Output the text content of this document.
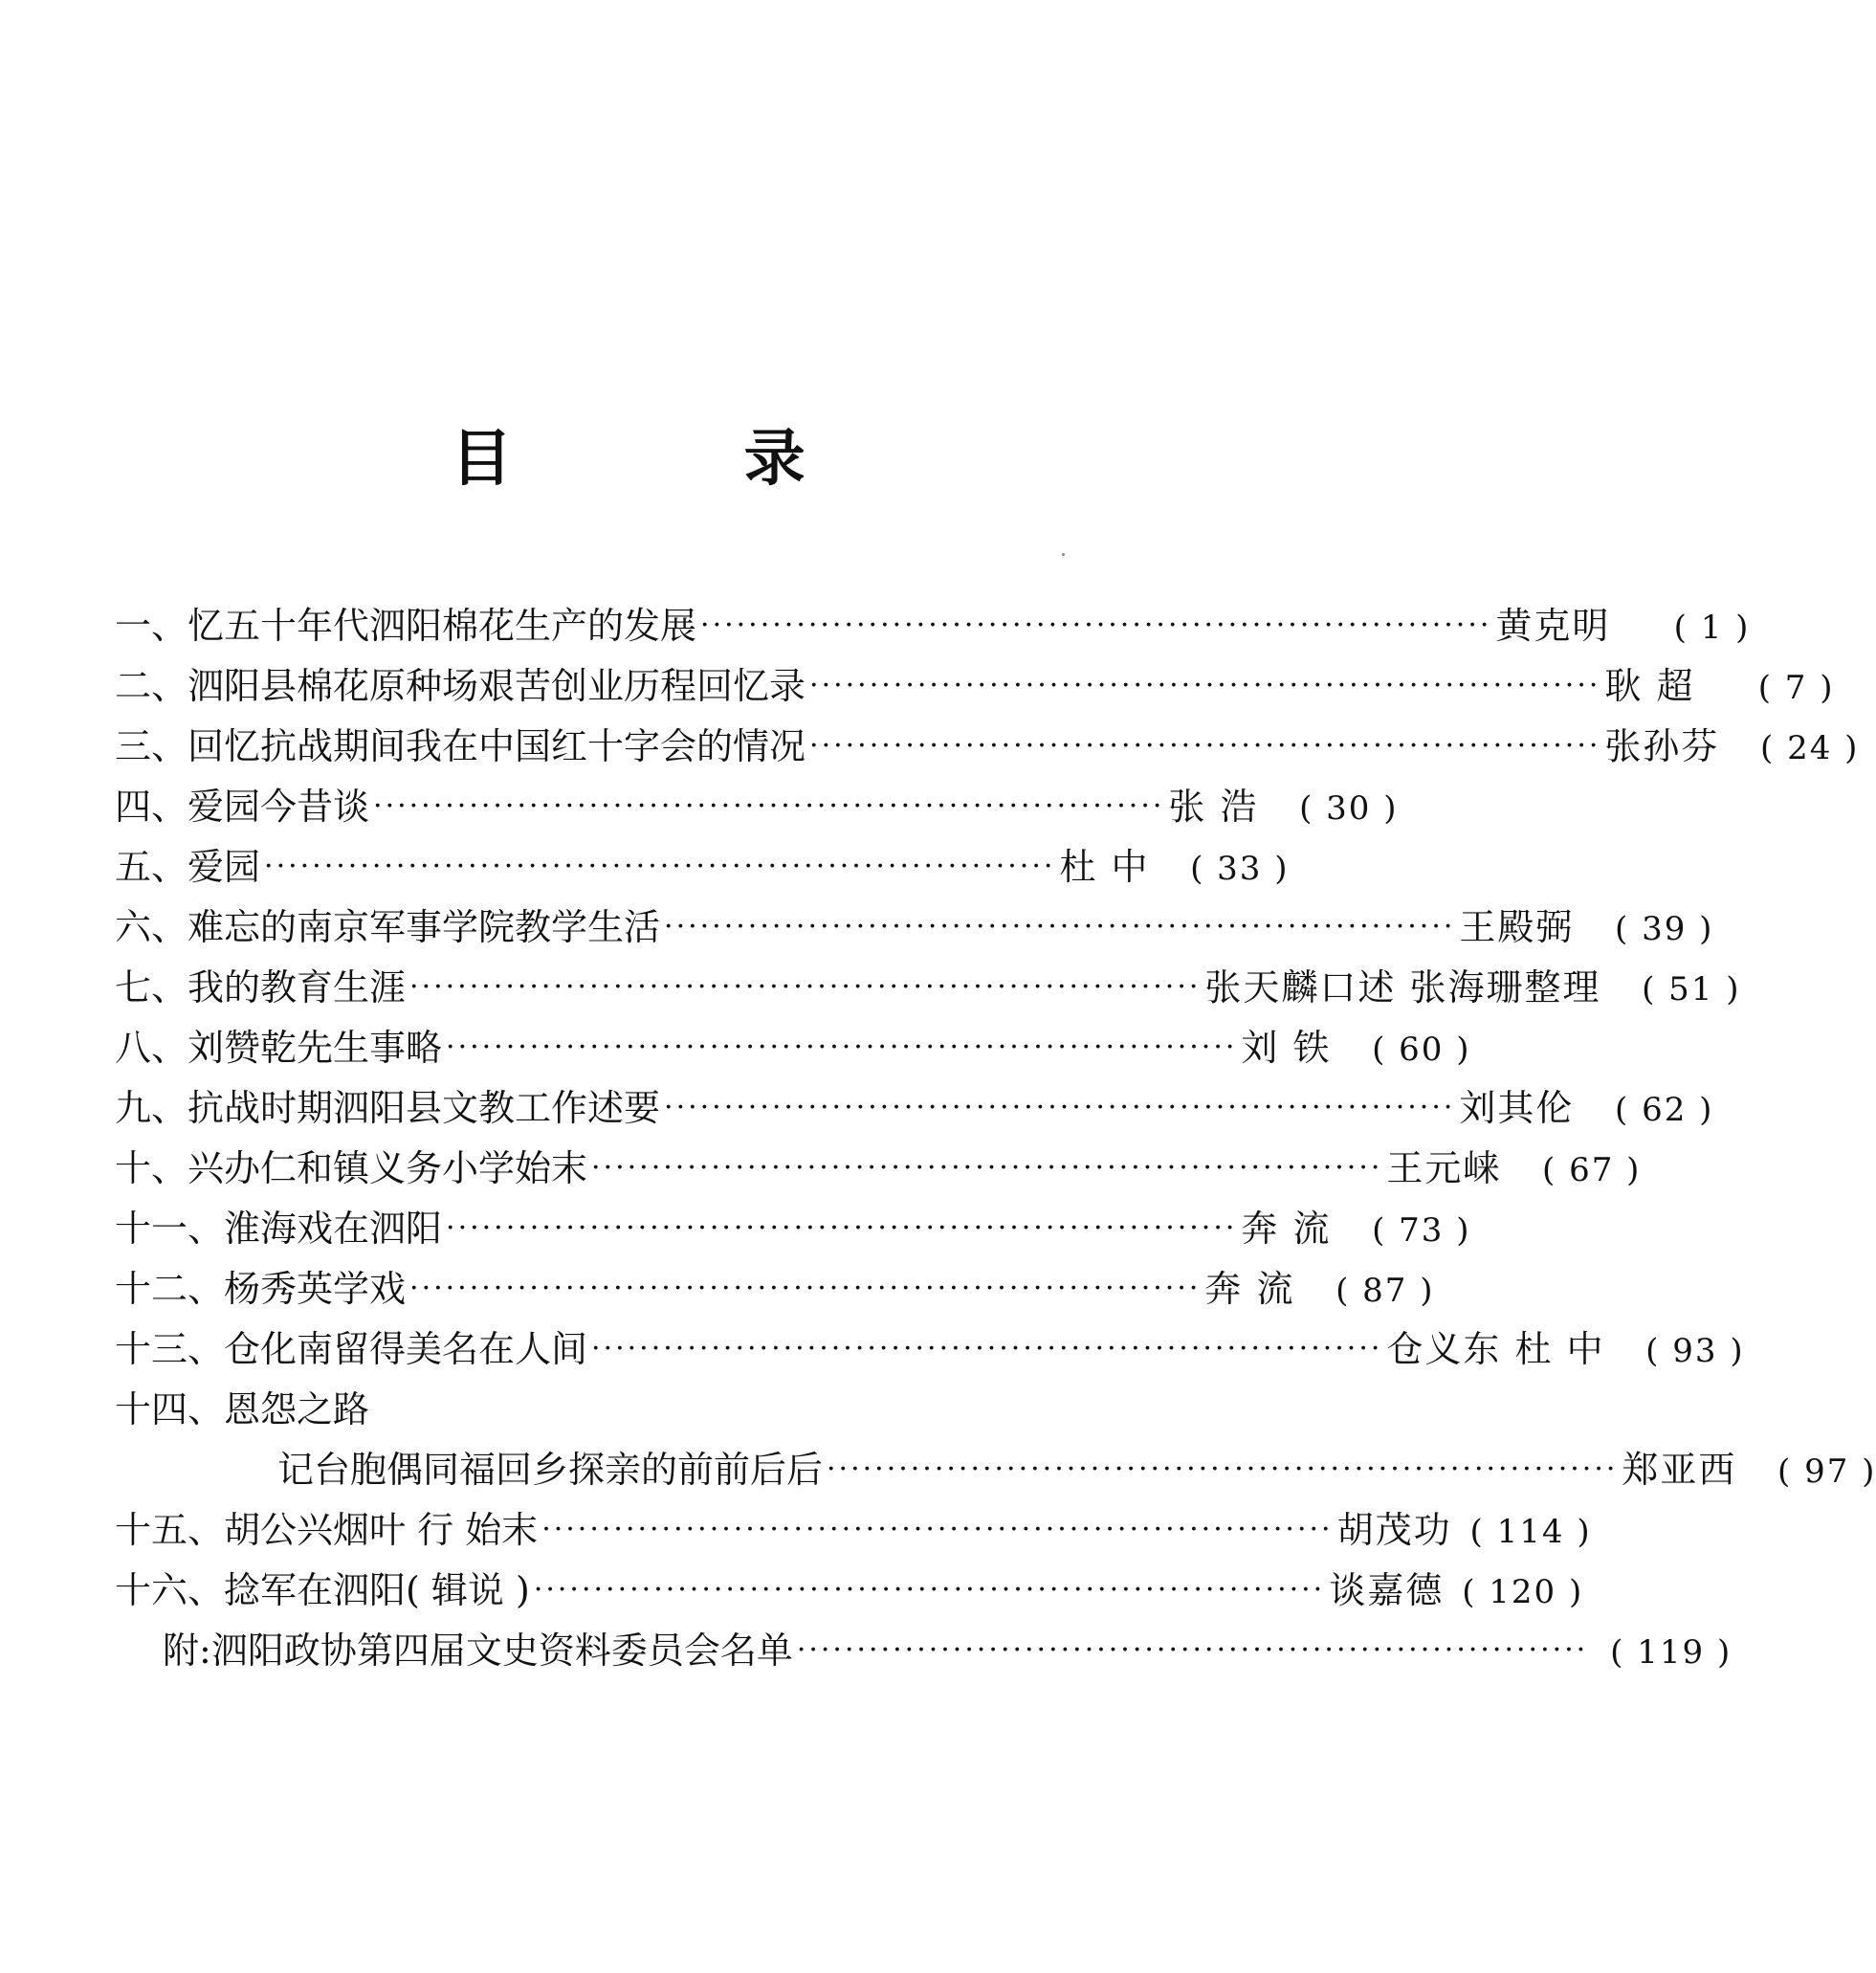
目 录
一、 忆五十年代泗阳棉花生产的发展 ·································································· 黄克明	( 1 )
二、 泗阳县棉花原种场艰苦创业历程回忆录 ·································································· 耿 超	( 7 )
三、 回忆抗战期间我在中国红十字会的情况 ·································································· 张孙芬	( 24 )
四、 爱园今昔谈 ·································································· 张 浩	( 30 )
五、 爱园 ·································································· 杜 中	( 33 )
六、 难忘的南京军事学院教学生活 ·································································· 王殿弼	( 39 )
七、 我的教育生涯 ·································································· 张天麟口述 张海珊整理	( 51 )
八、 刘赞乾先生事略 ·································································· 刘 铁	( 60 )
九、 抗战时期泗阳县文教工作述要 ·································································· 刘其伦	( 62 )
十、 兴办仁和镇义务小学始末 ·································································· 王元崃	( 67 )
十一、 淮海戏在泗阳 ·································································· 奔 流	( 73 )
十二、 杨秀英学戏 ·································································· 奔 流	( 87 )
十三、 仓化南留得美名在人间 ·································································· 仓义东 杜 中	( 93 )
十四、 恩怨之路
记台胞偶同福回乡探亲的前前后后 ·································································· 郑亚西	( 97 )
十五、 胡公兴烟叶 行 始末 ·································································· 胡茂功 ( 114 )
十六、 捻军在泗阳( 辑说 ) ·································································· 谈嘉德 ( 120 )
附: 泗阳政协第四届文史资料委员会名单 ·································································· ( 119 )
